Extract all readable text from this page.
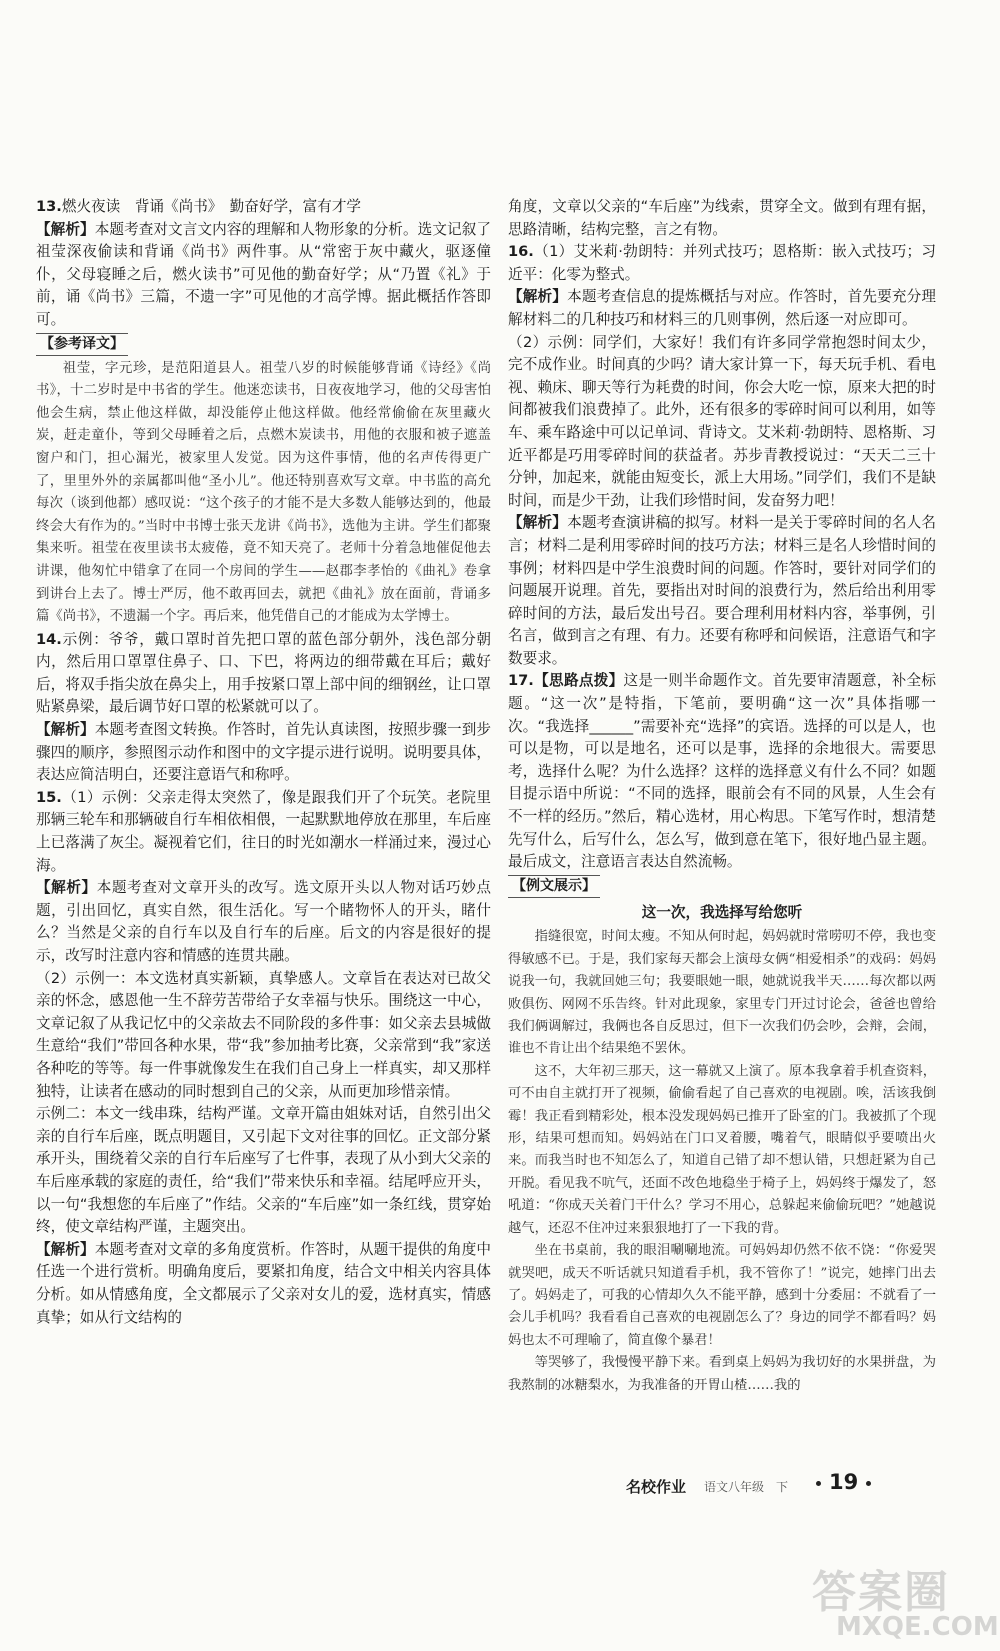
13.燃火夜读　背诵《尚书》　勤奋好学，富有才学

【解析】本题考查对文言文内容的理解和人物形象的分析。选文记叙了祖莹深夜偷读和背诵《尚书》两件事。从“常密于灰中藏火，驱逐僮仆，父母寝睡之后，燃火读书”可见他的勤奋好学；从“乃置《礼》于前，诵《尚书》三篇，不遗一字”可见他的才高学博。据此概括作答即可。

【参考译文】

祖莹，字元珍，是范阳道县人。祖莹八岁的时候能够背诵《诗经》《尚书》，十二岁时是中书省的学生。他迷恋读书，日夜夜地学习，他的父母害怕他会生病，禁止他这样做，却没能停止他这样做。他经常偷偷在灰里藏火炭，赶走童仆，等到父母睡着之后，点燃木炭读书，用他的衣服和被子遮盖窗户和门，担心漏光，被家里人发觉。因为这件事情，他的名声传得更广了，里里外外的亲属都叫他“圣小儿”。他还特别喜欢写文章。中书监的高允每次（谈到他都）感叹说：“这个孩子的才能不是大多数人能够达到的，他最终会大有作为的。”当时中书博士张天龙讲《尚书》，选他为主讲。学生们都聚集来听。祖莹在夜里读书太疲倦，竟不知天亮了。老师十分着急地催促他去讲课，他匆忙中错拿了在同一个房间的学生——赵郡李孝怡的《曲礼》卷拿到讲台上去了。博士严厉，他不敢再回去，就把《曲礼》放在面前，背诵多篇《尚书》，不遗漏一个字。再后来，他凭借自己的才能成为太学博士。

14.示例：爷爷，戴口罩时首先把口罩的蓝色部分朝外，浅色部分朝内，然后用口罩罩住鼻子、口、下巴，将两边的细带戴在耳后；戴好后，将双手指尖放在鼻尖上，用手按紧口罩上部中间的细钢丝，让口罩贴紧鼻梁，最后调节好口罩的松紧就可以了。

【解析】本题考查图文转换。作答时，首先认真读图，按照步骤一到步骤四的顺序，参照图示动作和图中的文字提示进行说明。说明要具体，表达应简洁明白，还要注意语气和称呼。

15.（1）示例：父亲走得太突然了，像是跟我们开了个玩笑。老院里那辆三轮车和那辆破自行车相依相偎，一起默默地停放在那里，车后座上已落满了灰尘。凝视着它们，往日的时光如潮水一样涌过来，漫过心海。

【解析】本题考查对文章开头的改写。选文原开头以人物对话巧妙点题，引出回忆，真实自然，很生活化。写一个睹物怀人的开头，睹什么？当然是父亲的自行车以及自行车的后座。后文的内容是很好的提示，改写时注意内容和情感的连贯共融。

（2）示例一：本文选材真实新颖，真挚感人。文章旨在表达对已故父亲的怀念，感恩他一生不辞劳苦带给子女幸福与快乐。围绕这一中心，文章记叙了从我记忆中的父亲故去不同阶段的多件事：如父亲去县城做生意给“我们”带回各种水果，带“我”参加抽考比赛，父亲常到“我”家送各种吃的等等。每一件事就像发生在我们自己身上一样真实，却又那样独特，让读者在感动的同时想到自己的父亲，从而更加珍惜亲情。

示例二：本文一线串珠，结构严谨。文章开篇由姐妹对话，自然引出父亲的自行车后座，既点明题目，又引起下文对往事的回忆。正文部分紧承开头，围绕着父亲的自行车后座写了七件事，表现了从小到大父亲的车后座承载的家庭的责任，给“我们”带来快乐和幸福。结尾呼应开头，以一句“我想您的车后座了”作结。父亲的“车后座”如一条红线，贯穿始终，使文章结构严谨，主题突出。

【解析】本题考查对文章的多角度赏析。作答时，从题干提供的角度中任选一个进行赏析。明确角度后，要紧扣角度，结合文中相关内容具体分析。如从情感角度，全文都展示了父亲对女儿的爱，选材真实，情感真挚；如从行文结构的

角度，文章以父亲的“车后座”为线索，贯穿全文。做到有理有据，思路清晰，结构完整，言之有物。

16.（1）艾米莉·勃朗特：并列式技巧；恩格斯：嵌入式技巧；习近平：化零为整式。

【解析】本题考查信息的提炼概括与对应。作答时，首先要充分理解材料二的几种技巧和材料三的几则事例，然后逐一对应即可。

（2）示例：同学们，大家好！我们有许多同学常抱怨时间太少，完不成作业。时间真的少吗？请大家计算一下，每天玩手机、看电视、赖床、聊天等行为耗费的时间，你会大吃一惊，原来大把的时间都被我们浪费掉了。此外，还有很多的零碎时间可以利用，如等车、乘车路途中可以记单词、背诗文。艾米莉·勃朗特、恩格斯、习近平都是巧用零碎时间的获益者。苏步青教授说过：“天天二三十分钟，加起来，就能由短变长，派上大用场。”同学们，我们不是缺时间，而是少干劲，让我们珍惜时间，发奋努力吧！

【解析】本题考查演讲稿的拟写。材料一是关于零碎时间的名人名言；材料二是利用零碎时间的技巧方法；材料三是名人珍惜时间的事例；材料四是中学生浪费时间的问题。作答时，要针对同学们的问题展开说理。首先，要指出对时间的浪费行为，然后给出利用零碎时间的方法，最后发出号召。要合理利用材料内容，举事例，引名言，做到言之有理、有力。还要有称呼和问候语，注意语气和字数要求。

17.【思路点拨】这是一则半命题作文。首先要审清题意，补全标题。“这一次”是特指，下笔前，要明确“这一次”具体指哪一次。“我选择______”需要补充“选择”的宾语。选择的可以是人，也可以是物，可以是地名，还可以是事，选择的余地很大。需要思考，选择什么呢？为什么选择？这样的选择意义有什么不同？如题目提示语中所说：“不同的选择，眼前会有不同的风景，人生会有不一样的经历。”然后，精心选材，用心构思。下笔写作时，想清楚先写什么，后写什么，怎么写，做到意在笔下，很好地凸显主题。最后成文，注意语言表达自然流畅。

【例文展示】
这一次，我选择写给您听

指缝很宽，时间太瘦。不知从何时起，妈妈就时常唠叨不停，我也变得敏感不已。于是，我们家每天都会上演母女俩“相爱相杀”的戏码：妈妈说我一句，我就回她三句；我要眼她一眼，她就说我半天……每次都以两败俱伤、网网不乐告终。针对此现象，家里专门开过讨论会，爸爸也曾给我们俩调解过，我俩也各自反思过，但下一次我们仍会吵，会辩，会闹，谁也不肯让出个结果绝不罢休。

这不，大年初三那天，这一幕就又上演了。原本我拿着手机查资料，可不由自主就打开了视频，偷偷看起了自己喜欢的电视剧。唉，活该我倒霉！我正看到精彩处，根本没发现妈妈已推开了卧室的门。我被抓了个现形，结果可想而知。妈妈站在门口叉着腰，嘴着气，眼睛似乎要喷出火来。而我当时也不知怎么了，知道自己错了却不想认错，只想赶紧为自己开脱。看见我不吭气，还面不改色地稳坐于椅子上，妈妈终于爆发了，怒吼道：“你成天关着门干什么？学习不用心，总躲起来偷偷玩吧？”她越说越气，还忍不住冲过来狠狠地打了一下我的背。

坐在书桌前，我的眼泪唰唰地流。可妈妈却仍然不依不饶：“你爱哭就哭吧，成天不听话就只知道看手机，我不管你了！”说完，她摔门出去了。妈妈走了，可我的心情却久久不能平静，感到十分委屈：不就看了一会儿手机吗？我看看自己喜欢的电视剧怎么了？身边的同学不都看吗？妈妈也太不可理喻了，简直像个暴君！

等哭够了，我慢慢平静下来。看到桌上妈妈为我切好的水果拼盘，为我熬制的冰糖梨水，为我准备的开胃山楂……我的

名校作业 语文八年级　下	19
答案圈
MXQE.COM
